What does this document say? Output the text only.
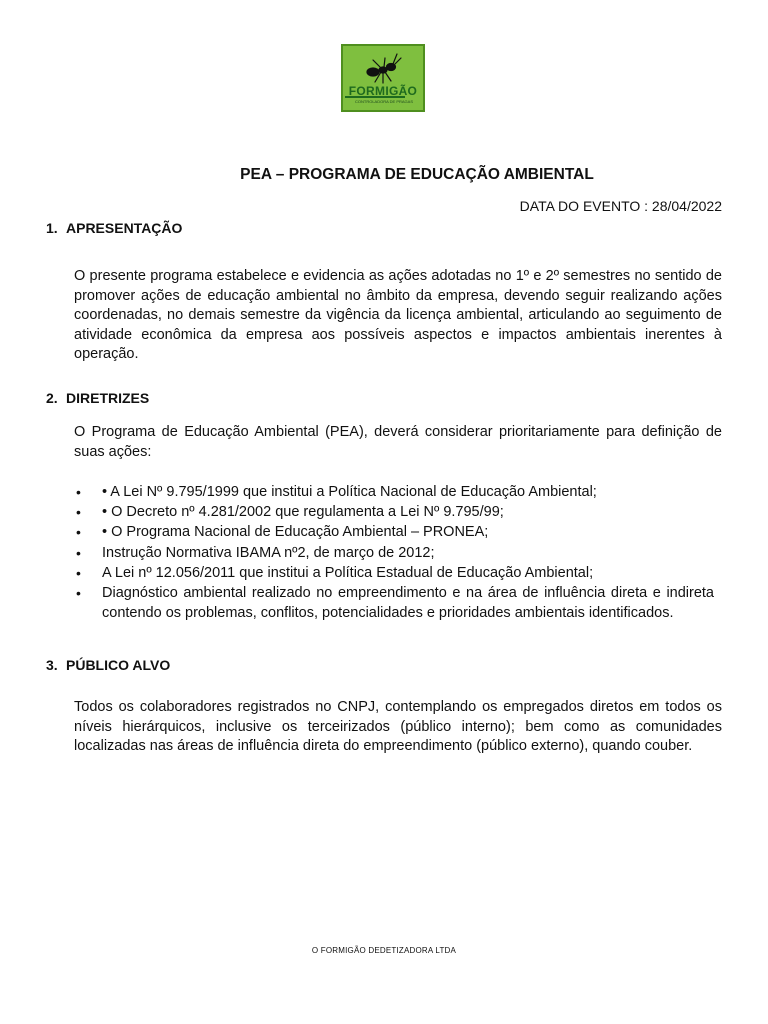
FORMIGÃO
CONTROLADORA DE PRAGAS
PEA – PROGRAMA DE EDUCAÇÃO AMBIENTAL
DATA DO EVENTO : 28/04/2022
1. APRESENTAÇÃO
O presente programa estabelece e evidencia as ações adotadas no 1º e 2º semestres no sentido de promover ações de educação ambiental no âmbito da empresa, devendo seguir realizando ações coordenadas, no demais semestre da vigência da licença ambiental, articulando ao seguimento de atividade econômica da empresa aos possíveis aspectos e impactos ambientais inerentes à operação.
2. DIRETRIZES
O Programa de Educação Ambiental (PEA), deverá considerar prioritariamente para definição de suas ações:
• • A Lei Nº 9.795/1999 que institui a Política Nacional de Educação Ambiental;
• • O Decreto nº 4.281/2002 que regulamenta a Lei Nº 9.795/99;
• • O Programa Nacional de Educação Ambiental – PRONEA;
• Instrução Normativa IBAMA nº2, de março de 2012;
• A Lei nº 12.056/2011 que institui a Política Estadual de Educação Ambiental;
• Diagnóstico ambiental realizado no empreendimento e na área de influência direta e indireta contendo os problemas, conflitos, potencialidades e prioridades ambientais identificados.
3. PÚBLICO ALVO
Todos os colaboradores registrados no CNPJ, contemplando os empregados diretos em todos os níveis hierárquicos, inclusive os terceirizados (público interno); bem como as comunidades localizadas nas áreas de influência direta do empreendimento (público externo), quando couber.
O FORMIGÃO DEDETIZADORA LTDA
